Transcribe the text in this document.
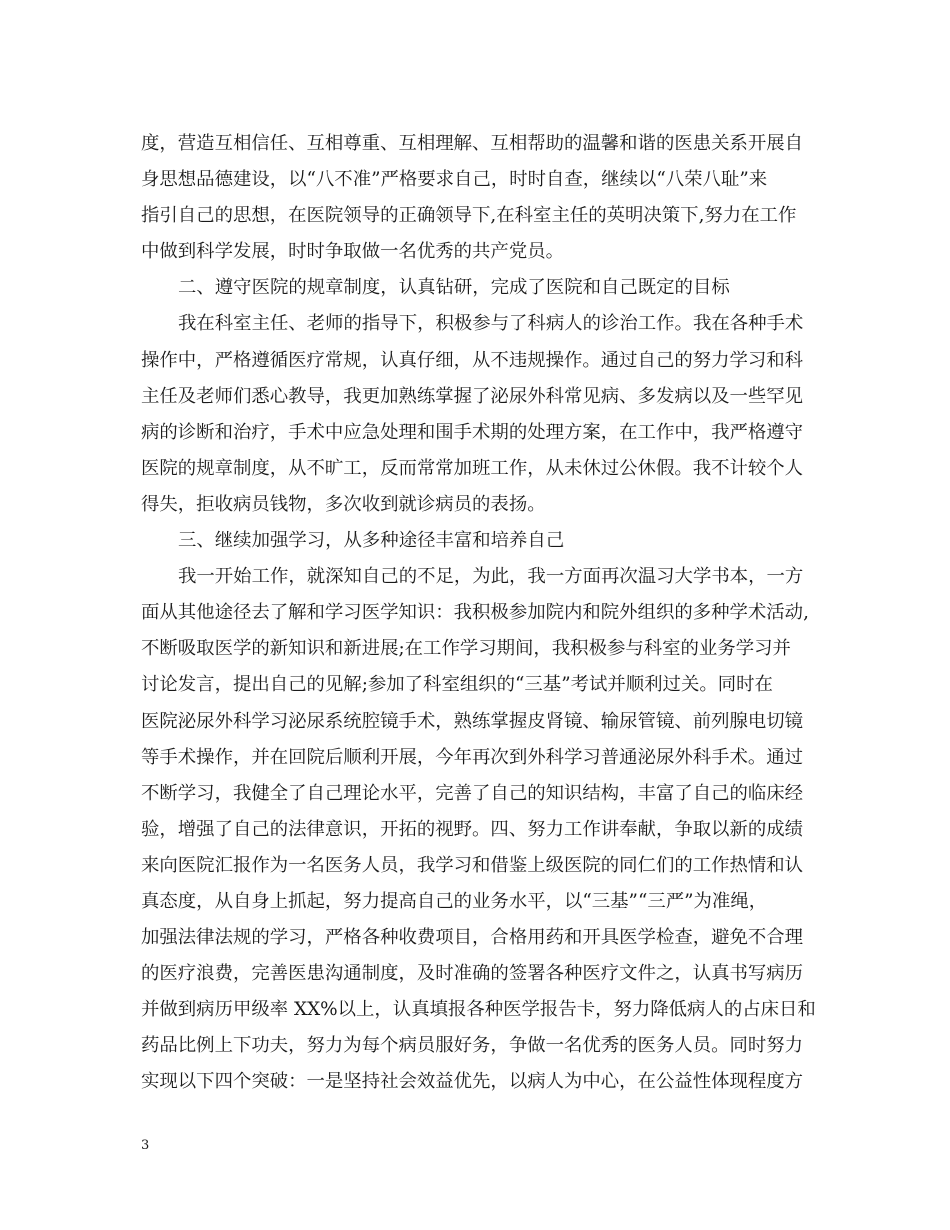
度，营造互相信任、互相尊重、互相理解、互相帮助的温馨和谐的医患关系开展自
身思想品德建设，以“八不准”严格要求自己，时时自查，继续以“八荣八耻”来
指引自己的思想，在医院领导的正确领导下,在科室主任的英明决策下,努力在工作
中做到科学发展，时时争取做一名优秀的共产党员。
二、遵守医院的规章制度，认真钻研，完成了医院和自己既定的目标
我在科室主任、老师的指导下，积极参与了科病人的诊治工作。我在各种手术
操作中，严格遵循医疗常规，认真仔细，从不违规操作。通过自己的努力学习和科
主任及老师们悉心教导，我更加熟练掌握了泌尿外科常见病、多发病以及一些罕见
病的诊断和治疗，手术中应急处理和围手术期的处理方案，在工作中，我严格遵守
医院的规章制度，从不旷工，反而常常加班工作，从未休过公休假。我不计较个人
得失，拒收病员钱物，多次收到就诊病员的表扬。
三、继续加强学习，从多种途径丰富和培养自己
我一开始工作，就深知自己的不足，为此，我一方面再次温习大学书本，一方
面从其他途径去了解和学习医学知识：我积极参加院内和院外组织的多种学术活动,
不断吸取医学的新知识和新进展;在工作学习期间，我积极参与科室的业务学习并
讨论发言，提出自己的见解;参加了科室组织的“三基”考试并顺利过关。同时在
医院泌尿外科学习泌尿系统腔镜手术，熟练掌握皮肾镜、输尿管镜、前列腺电切镜
等手术操作，并在回院后顺利开展，今年再次到外科学习普通泌尿外科手术。通过
不断学习，我健全了自己理论水平，完善了自己的知识结构，丰富了自己的临床经
验，增强了自己的法律意识，开拓的视野。四、努力工作讲奉献，争取以新的成绩
来向医院汇报作为一名医务人员，我学习和借鉴上级医院的同仁们的工作热情和认
真态度，从自身上抓起，努力提高自己的业务水平，以“三基”“三严”为准绳，
加强法律法规的学习，严格各种收费项目，合格用药和开具医学检查，避免不合理
的医疗浪费，完善医患沟通制度，及时准确的签署各种医疗文件之，认真书写病历
并做到病历甲级率 XX%以上，认真填报各种医学报告卡，努力降低病人的占床日和
药品比例上下功夫，努力为每个病员服好务，争做一名优秀的医务人员。同时努力
实现以下四个突破：一是坚持社会效益优先，以病人为中心，在公益性体现程度方
3
